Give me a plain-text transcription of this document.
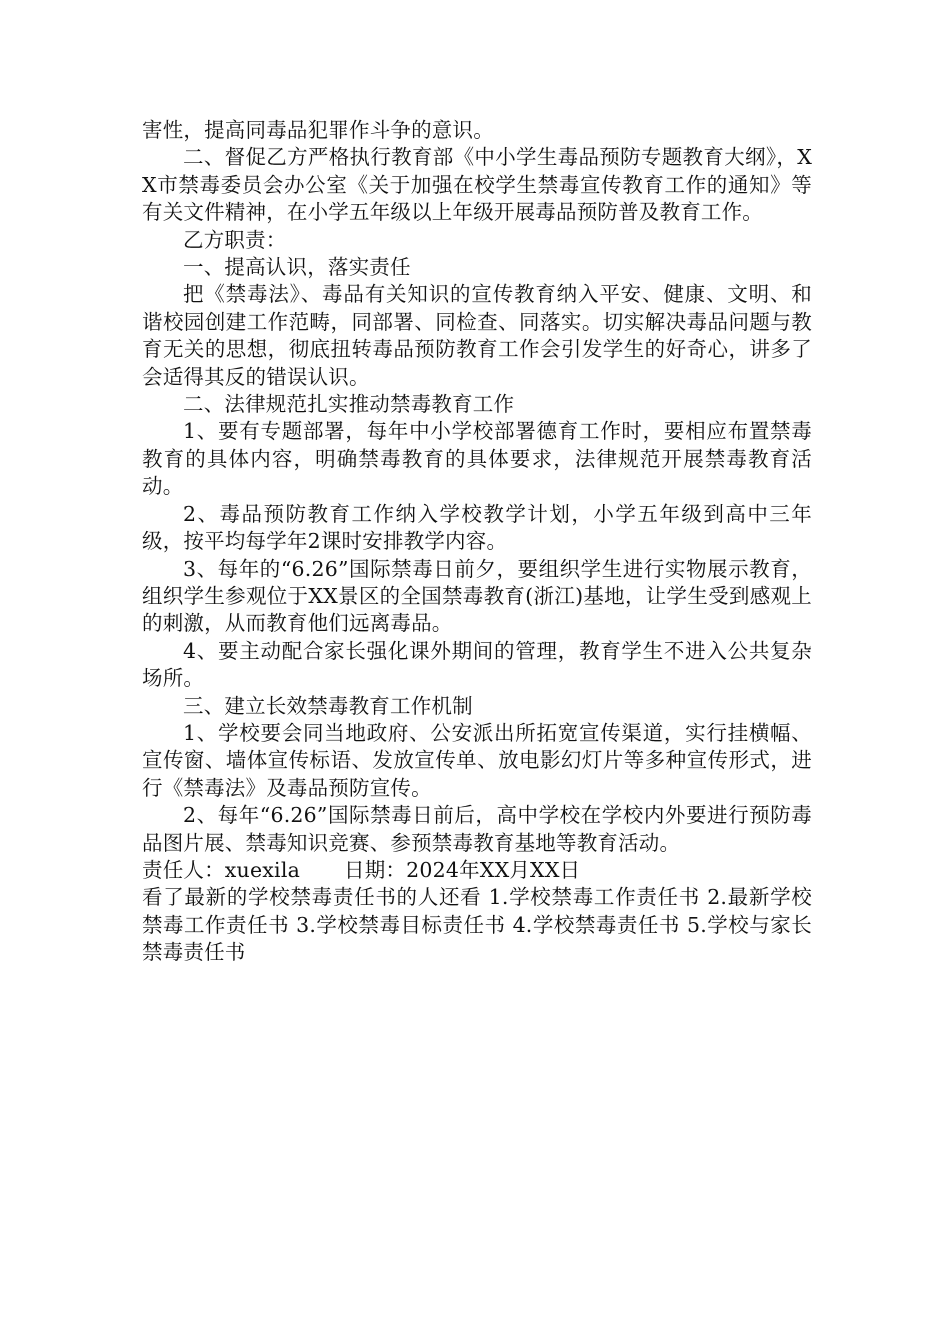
害性，提高同毒品犯罪作斗争的意识。

二、督促乙方严格执行教育部《中小学生毒品预防专题教育大纲》，XX市禁毒委员会办公室《关于加强在校学生禁毒宣传教育工作的通知》等有关文件精神，在小学五年级以上年级开展毒品预防普及教育工作。

乙方职责：

一、提高认识，落实责任

把《禁毒法》、毒品有关知识的宣传教育纳入平安、健康、文明、和谐校园创建工作范畴，同部署、同检查、同落实。切实解决毒品问题与教育无关的思想，彻底扭转毒品预防教育工作会引发学生的好奇心，讲多了会适得其反的错误认识。

二、法律规范扎实推动禁毒教育工作

1、要有专题部署，每年中小学校部署德育工作时，要相应布置禁毒教育的具体内容，明确禁毒教育的具体要求，法律规范开展禁毒教育活动。

2、毒品预防教育工作纳入学校教学计划，小学五年级到高中三年级，按平均每学年2课时安排教学内容。

3、每年的“6.26”国际禁毒日前夕，要组织学生进行实物展示教育，组织学生参观位于XX景区的全国禁毒教育(浙江)基地，让学生受到感观上的刺激，从而教育他们远离毒品。

4、要主动配合家长强化课外期间的管理，教育学生不进入公共复杂场所。

三、建立长效禁毒教育工作机制

1、学校要会同当地政府、公安派出所拓宽宣传渠道，实行挂横幅、宣传窗、墙体宣传标语、发放宣传单、放电影幻灯片等多种宣传形式，进行《禁毒法》及毒品预防宣传。

2、每年“6.26”国际禁毒日前后，高中学校在学校内外要进行预防毒品图片展、禁毒知识竞赛、参预禁毒教育基地等教育活动。

责任人：xuexila 日期：2024年XX月XX日

看了最新的学校禁毒责任书的人还看 1.学校禁毒工作责任书 2.最新学校禁毒工作责任书 3.学校禁毒目标责任书 4.学校禁毒责任书 5.学校与家长禁毒责任书
